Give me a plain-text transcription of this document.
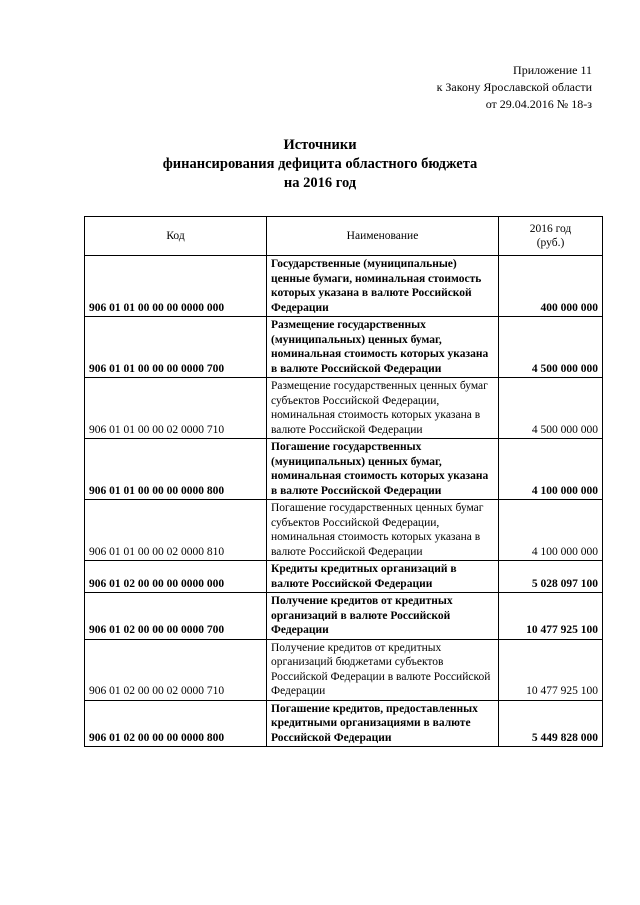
Приложение 11
к Закону Ярославской области
от 29.04.2016 № 18-з
Источники
финансирования дефицита областного бюджета
на 2016 год
Код	Наименование	2016 год
(руб.)

906 01 01 00 00 00 0000 000	Государственные (муниципальные) ценные бумаги, номинальная стоимость которых указана в валюте Российской Федерации	400 000 000
906 01 01 00 00 00 0000 700	Размещение государственных (муниципальных) ценных бумаг, номинальная стоимость которых указана в валюте Российской Федерации	4 500 000 000
906 01 01 00 00 02 0000 710	Размещение государственных ценных бумаг субъектов Российской Федерации, номинальная стоимость которых указана в валюте Российской Федерации	4 500 000 000
906 01 01 00 00 00 0000 800	Погашение государственных (муниципальных) ценных бумаг, номинальная стоимость которых указана в валюте Российской Федерации	4 100 000 000
906 01 01 00 00 02 0000 810	Погашение государственных ценных бумаг субъектов Российской Федерации, номинальная стоимость которых указана в валюте Российской Федерации	4 100 000 000
906 01 02 00 00 00 0000 000	Кредиты кредитных организаций в валюте Российской Федерации	5 028 097 100
906 01 02 00 00 00 0000 700	Получение кредитов от кредитных организаций в валюте Российской Федерации	10 477 925 100
906 01 02 00 00 02 0000 710	Получение кредитов от кредитных организаций бюджетами субъектов Российской Федерации в валюте Российской Федерации	10 477 925 100
906 01 02 00 00 00 0000 800	Погашение кредитов, предоставленных кредитными организациями в валюте Российской Федерации	5 449 828 000
